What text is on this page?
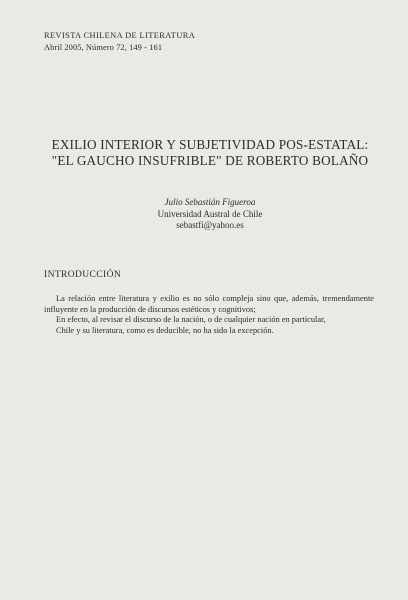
REVISTA CHILENA DE LITERATURA
Abril 2005, Número 72, 149 - 161
EXILIO INTERIOR Y SUBJETIVIDAD POS-ESTATAL:
"EL GAUCHO INSUFRIBLE" DE ROBERTO BOLAÑO
Julio Sebastián Figueroa
Universidad Austral de Chile
sebastfi@yahoo.es
INTRODUCCIÓN

La relación entre literatura y exilio es no sólo compleja sino que, además, tremendamente influyente en la producción de discursos estéticos y cognitivos;

En efecto, al revisar el discurso de la nación, o de cualquier nación en particular,

Chile y su literatura, como es deducible, no ha sido la excepción.
